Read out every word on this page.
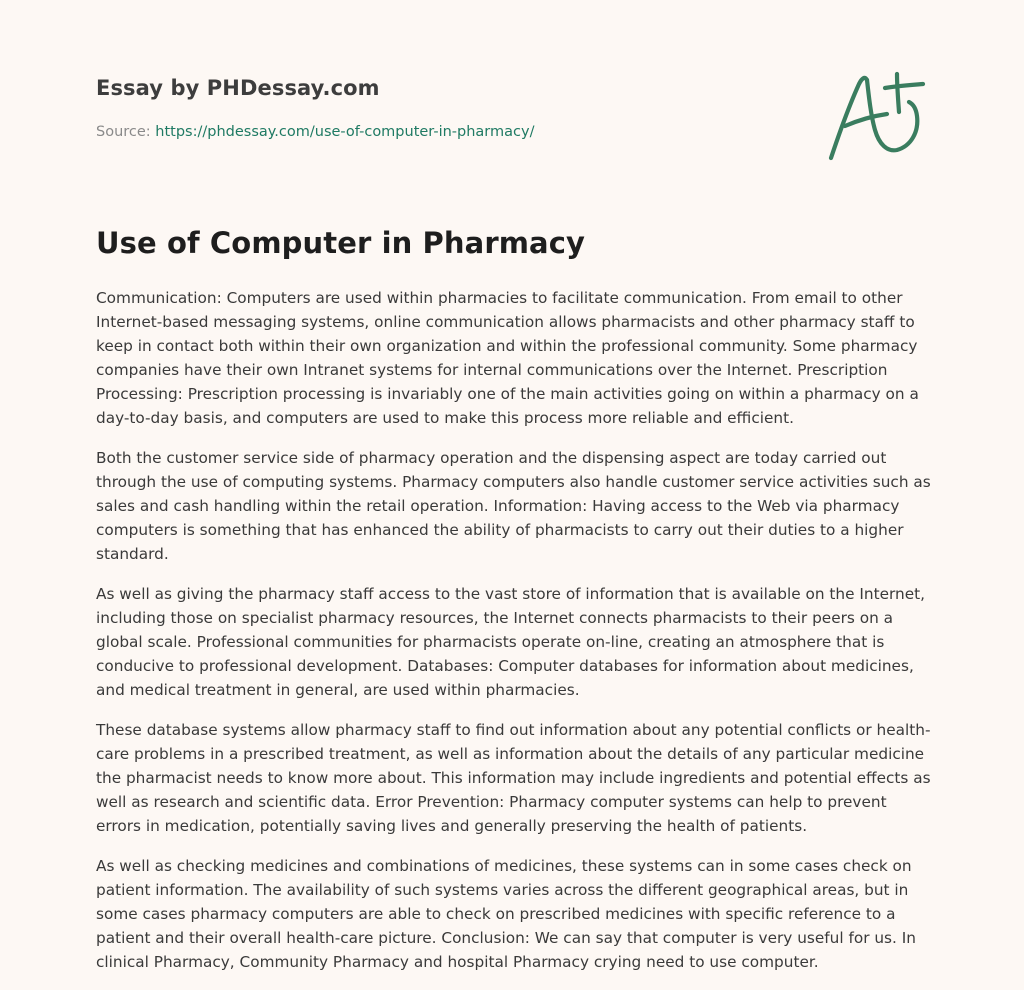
Essay by PHDessay.com
Source: https://phdessay.com/use-of-computer-in-pharmacy/
Use of Computer in Pharmacy

Communication: Computers are used within pharmacies to facilitate communication. From email to other Internet-based messaging systems, online communication allows pharmacists and other pharmacy staff to keep in contact both within their own organization and within the professional community. Some pharmacy companies have their own Intranet systems for internal communications over the Internet. Prescription Processing: Prescription processing is invariably one of the main activities going on within a pharmacy on a day-to-day basis, and computers are used to make this process more reliable and efficient.

Both the customer service side of pharmacy operation and the dispensing aspect are today carried out through the use of computing systems. Pharmacy computers also handle customer service activities such as sales and cash handling within the retail operation. Information: Having access to the Web via pharmacy computers is something that has enhanced the ability of pharmacists to carry out their duties to a higher standard.

As well as giving the pharmacy staff access to the vast store of information that is available on the Internet, including those on specialist pharmacy resources, the Internet connects pharmacists to their peers on a global scale. Professional communities for pharmacists operate on-line, creating an atmosphere that is conducive to professional development. Databases: Computer databases for information about medicines, and medical treatment in general, are used within pharmacies.

These database systems allow pharmacy staff to find out information about any potential conflicts or health-care problems in a prescribed treatment, as well as information about the details of any particular medicine the pharmacist needs to know more about. This information may include ingredients and potential effects as well as research and scientific data. Error Prevention: Pharmacy computer systems can help to prevent errors in medication, potentially saving lives and generally preserving the health of patients.

As well as checking medicines and combinations of medicines, these systems can in some cases check on patient information. The availability of such systems varies across the different geographical areas, but in some cases pharmacy computers are able to check on prescribed medicines with specific reference to a patient and their overall health-care picture. Conclusion: We can say that computer is very useful for us. In clinical Pharmacy, Community Pharmacy and hospital Pharmacy crying need to use computer.
